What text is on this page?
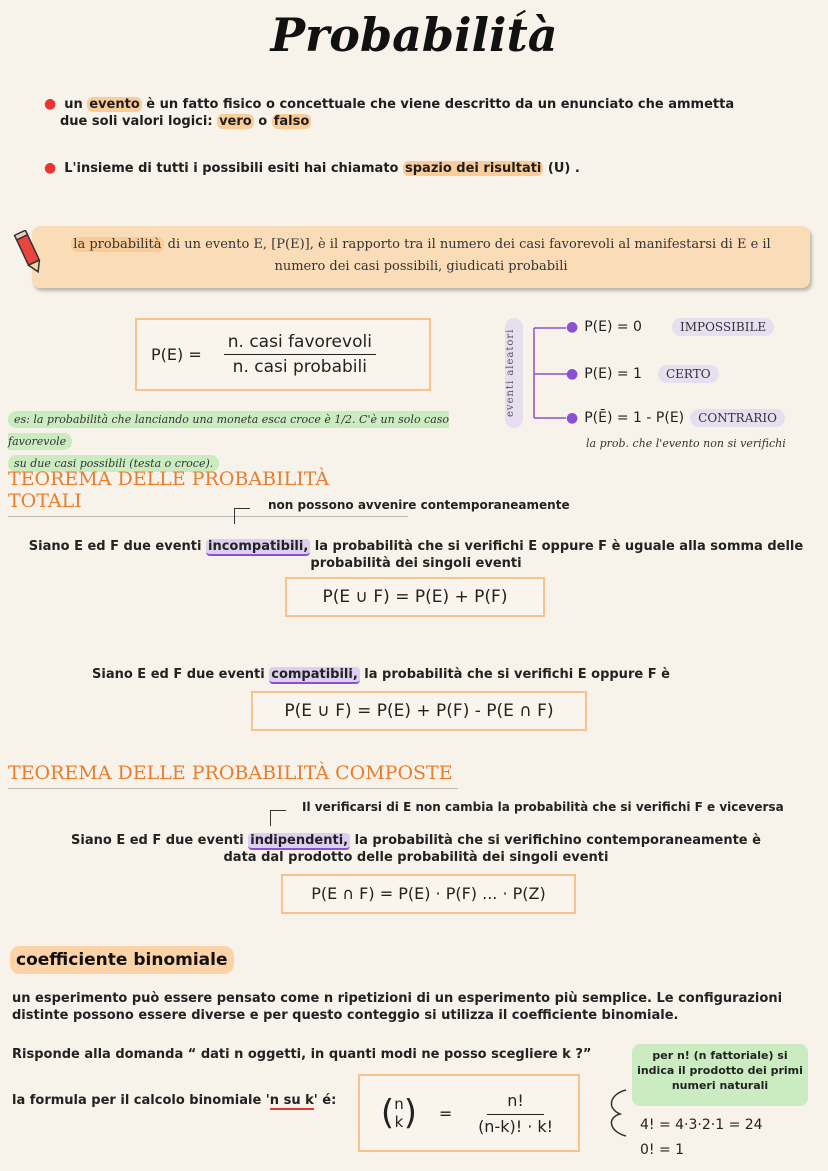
Probabilità
● un evento è un fatto fisico o concettuale che viene descritto da un enunciato che ammetta
due soli valori logici: vero o falso
● L'insieme di tutti i possibili esiti hai chiamato spazio dei risultati (U) .
la probabilità di un evento E, [P(E)], è il rapporto tra il numero dei casi favorevoli al manifestarsi di E e il numero dei casi possibili, giudicati probabili
$P(E) = \frac{\text{n. casi favorevoli}}{\text{n. casi probabili}}$
es: la probabilità che lanciando una moneta esca croce è 1/2. C'è un solo caso favorevole
su due casi possibili (testa o croce).
eventi aleatori
● P(E) = 0	IMPOSSIBILE
● P(E) = 1	CERTO
● P(Ē) = 1 - P(E)	CONTRARIO
la prob. che l'evento non si verifichi
TEOREMA DELLE PROBABILITÀ TOTALI	non possono avvenire contemporaneamente
Siano E ed F due eventi incompatibili, la probabilità che si verifichi E oppure F è uguale alla somma delle
probabilità dei singoli eventi
P(E ∪ F) = P(E) + P(F)
Siano E ed F due eventi compatibili, la probabilità che si verifichi E oppure F è
P(E ∪ F) = P(E) + P(F) - P(E ∩ F)
TEOREMA DELLE PROBABILITÀ COMPOSTE
Il verificarsi di E non cambia la probabilità che si verifichi F e viceversa
Siano E ed F due eventi indipendenti, la probabilità che si verifichino contemporaneamente è
data dal prodotto delle probabilità dei singoli eventi
P(E ∩ F) = P(E) · P(F) ... · P(Z)
coefficiente binomiale
un esperimento può essere pensato come n ripetizioni di un esperimento più semplice. Le configurazioni distinte possono essere diverse e per questo conteggio si utilizza il coefficiente binomiale.
Risponde alla domanda “ dati n oggetti, in quanti modi ne posso scegliere k ?”
la formula per il calcolo binomiale 'n su k' é: ( n
k ) = $\frac{n!}{(n-k)! \cdot k!}$
per n! (n fattoriale) si indica il prodotto dei primi numeri naturali
4! = 4·3·2·1 = 24
0! = 1
